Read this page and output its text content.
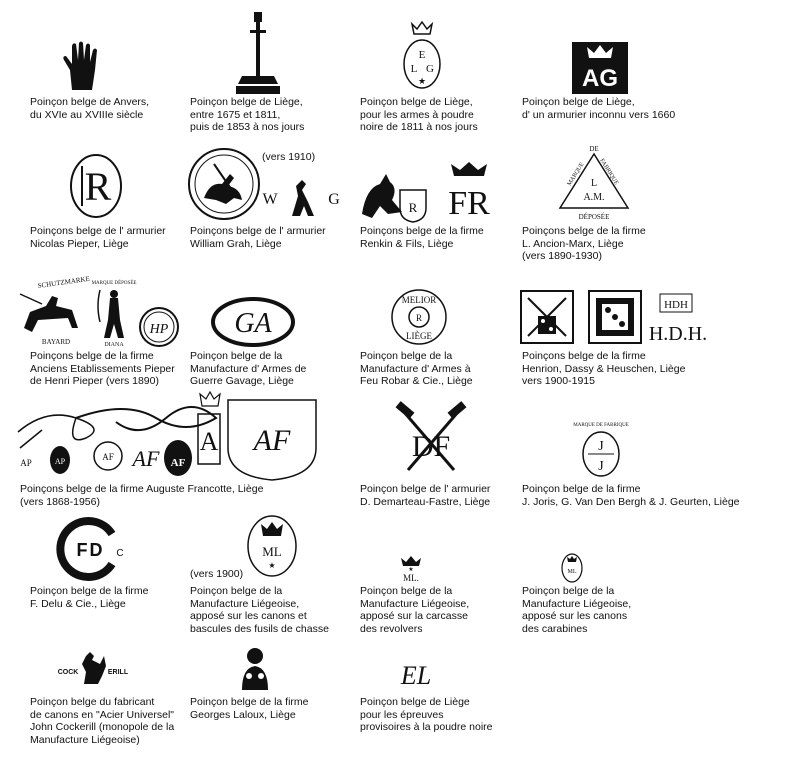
Poinçon belge de Anvers,
du XVIe au XVIIIe siècle
Poinçon belge de Liège,
entre 1675 et 1811,
puis de 1853 à nos jours
E
L G
★
Poinçon belge de Liège,
pour les armes à poudre
noire de 1811 à nos jours
AG
Poinçon belge de Liège,
d' un armurier inconnu vers 1660
R
Poinçons belge de l' armurier
Nicolas Pieper, Liège
(vers 1910)
W	G
Poinçons belge de l' armurier
William Grah, Liège
R FR
Poinçons belge de la firme
Renkin & Fils, Liège
DE
MARQUE FABRIQUE
L
A.M.
DÉPOSÉE
Poinçons belge de la firme
L. Ancion-Marx, Liège
(vers 1890-1930)
SCHUTZMARKE
BAYARD
MARQUE DÉPOSÉE
DIANA
HP
Poinçons belge de la firme
Anciens Etablissements Pieper
de Henri Pieper (vers 1890)
GA
Poinçon belge de la
Manufacture d' Armes de
Guerre Gavage, Liège
R
MELIOR
LIÈGE
Poinçon belge de la
Manufacture d' Armes à
Feu Robar & Cie., Liège
HDH
H.D.H.
Poinçons belge de la firme
Henrion, Dassy & Heuschen, Liège
vers 1900-1915
AP	AP	AF AF AF
A AF
Poinçons belge de la firme Auguste Francotte, Liège
(vers 1868-1956)
DF
Poinçon belge de l' armurier
D. Demarteau-Fastre, Liège
MARQUE DE FABRIQUE
J
J
Poinçon belge de la firme
J. Joris, G. Van Den Bergh & J. Geurten, Liège
F D C
Poinçon belge de la firme
F. Delu & Cie., Liège
ML
★
(vers 1900)
Poinçon belge de la
Manufacture Liégeoise,
apposé sur les canons et
bascules des fusils de chasse
★
ML.
Poinçon belge de la
Manufacture Liégeoise,
apposé sur la carcasse
des revolvers
ML
Poinçon belge de la
Manufacture Liégeoise,
apposé sur les canons
des carabines
COCK	ERILL
Poinçon belge du fabricant
de canons en "Acier Universel"
John Cockerill (monopole de la
Manufacture Liégeoise)
Poinçon belge de la firme
Georges Laloux, Liège
EL
Poinçon belge de Liège
pour les épreuves
provisoires à la poudre noire
